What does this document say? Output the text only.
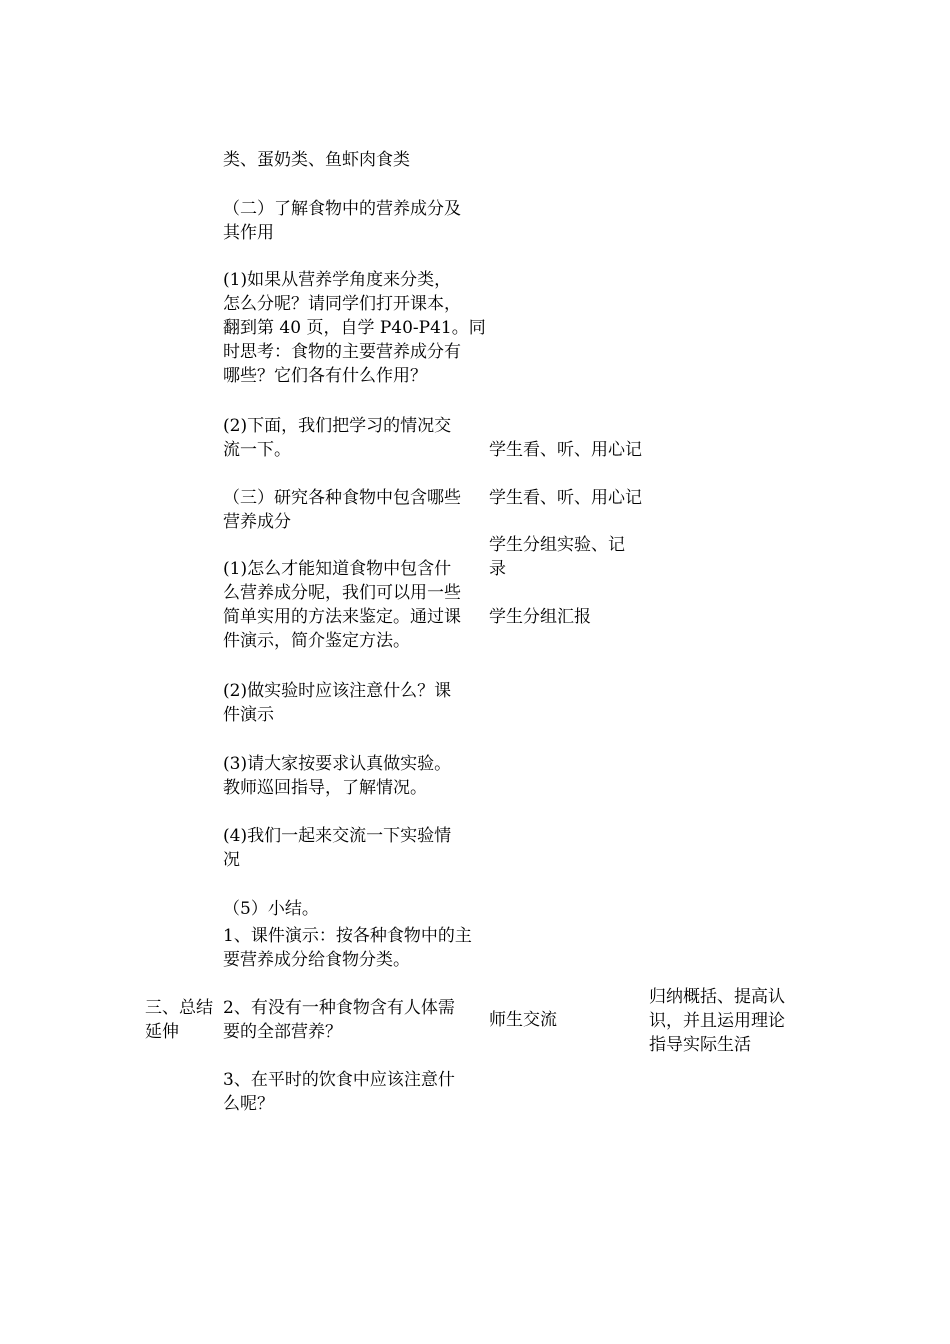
三、总结

延伸

类、蛋奶类、鱼虾肉食类

（二）了解食物中的营养成分及

其作用

(1)如果从营养学角度来分类，

怎么分呢？请同学们打开课本，

翻到第 40 页，自学 P40-P41。同

时思考：食物的主要营养成分有

哪些？它们各有什么作用？

(2)下面，我们把学习的情况交

流一下。

（三）研究各种食物中包含哪些

营养成分

(1)怎么才能知道食物中包含什

么营养成分呢，我们可以用一些

简单实用的方法来鉴定。通过课

件演示，简介鉴定方法。

(2)做实验时应该注意什么？课

件演示

(3)请大家按要求认真做实验。

教师巡回指导，了解情况。

(4)我们一起来交流一下实验情

况

（5）小结。

1、课件演示：按各种食物中的主

要营养成分给食物分类。

2、有没有一种食物含有人体需

要的全部营养？

3、在平时的饮食中应该注意什

么呢？

学生看、听、用心记

学生看、听、用心记

学生分组实验、记

录

学生分组汇报

师生交流

归纳概括、提高认

识，并且运用理论

指导实际生活
